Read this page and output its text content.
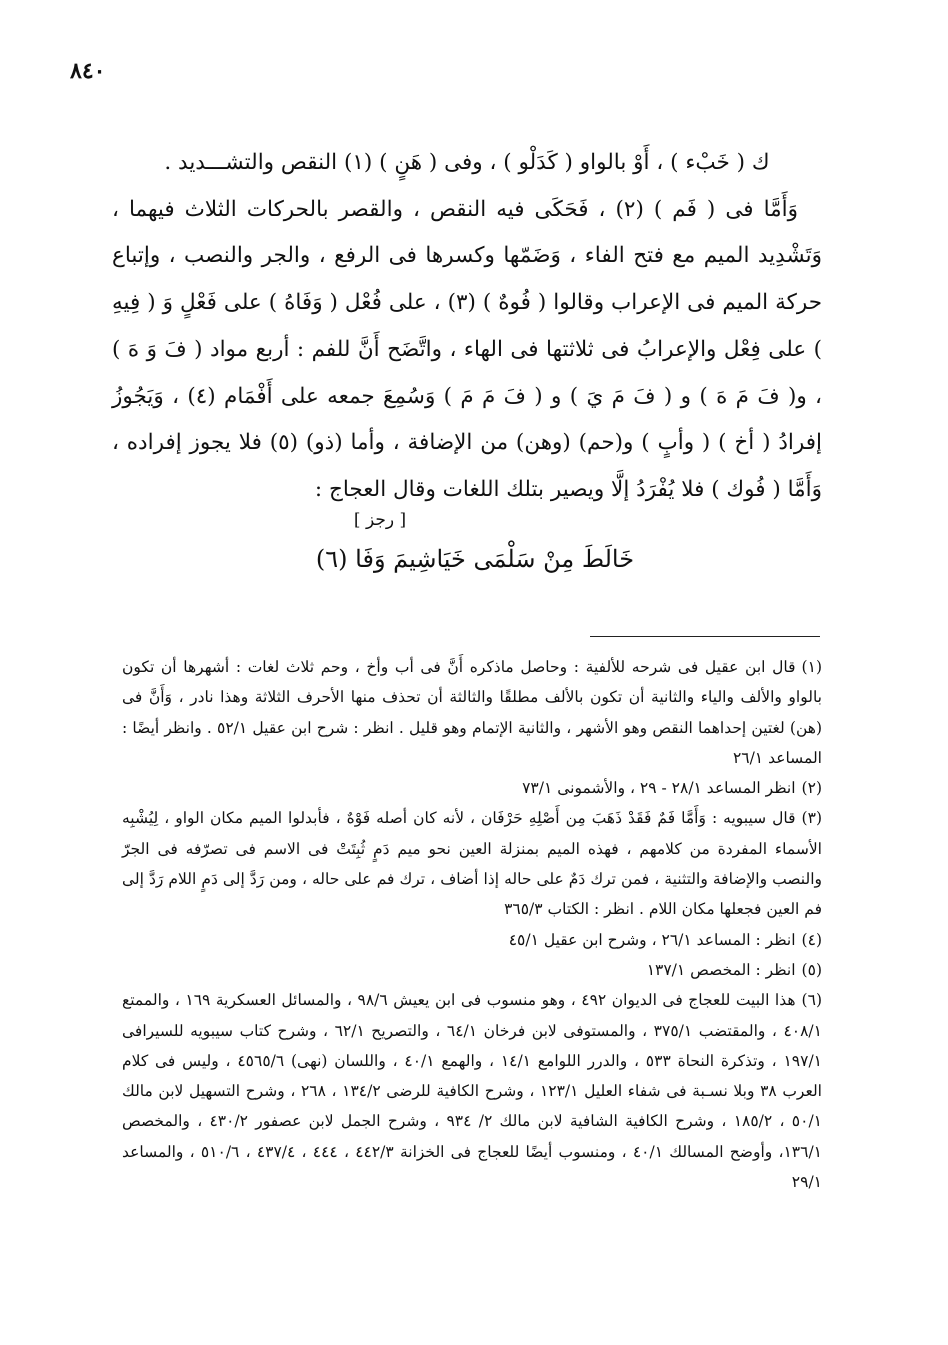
٨٤٠

ك ( خَبْء ) ، أَوْ بالواو ( كَدَلْو ) ، وفى ( هَنٍ ) (١) النقص والتشـــديد .

وَأَمَّا فى ( فَم ) (٢) ، فَحَكَى فيه النقص ، والقصر بالحركات الثلاث فيهما ، وَتَشْدِيد الميم مع فتح الفاء ، وَضَمّها وكسرها فى الرفع ، والجر والنصب ، وإتباع حركة الميم فى الإعراب وقالوا ( فُوهٌ ) (٣) ، على فُعْل ( وَفَاهُ ) على فَعْلٍ وَ ( فِيهِ ) على فِعْل والإعرابُ فى ثلاثتها فى الهاء ، واتَّضَح أَنَّ للفم : أربع مواد ( فَ وَ هَ ) ، و( فَ مَ هَ ) و ( فَ مَ يَ ) و ( فَ مَ مَ ) وَسُمِعَ جمعه على أَفْمَام (٤) ، وَيَجُوزُ إفرادُ ( أخ ) ( وأبٍ ) و(حم) (وهن) من الإضافة ، وأما (ذو) (٥) فلا يجوز إفراده ، وَأَمَّا ( فُوك ) فلا يُفْرَدُ إلَّا ويصير بتلك اللغات وقال العجاج :

[ رجز ]
خَالَطَ مِنْ سَلْمَى خَيَاشِيمَ وَفَا (٦)

(١)قال ابن عقيل فى شرحه للألفية : وحاصل ماذكره أَنَّ فى أب وأخ ، وحم ثلاث لغات : أشهرها أن تكون بالواو والألف والياء والثانية أن تكون بالألف مطلقًا والثالثة أن تحذف منها الأحرف الثلاثة وهذا نادر ، وَأَنَّ فى (هن) لغتين إحداهما النقص وهو الأشهر ، والثانية الإتمام وهو قليل . انظر : شرح ابن عقيل ٥٢/١ . وانظر أيضًا : المساعد ٢٦/١

(٢)انظر المساعد ٢٨/١ - ٢٩ ، والأشمونى ٧٣/١

(٣)قال سيبويه : وَأَمَّا فَمٌ فَقَدْ ذَهَبَ مِن أَصْلِهِ حَرْفَان ، لأنه كان أصله فَوْهٌ ، فأبدلوا الميم مكان الواو ، لِيُشْبِه الأسماء المفردة من كلامهم ، فهذه الميم بمنزلة العين نحو ميم دَمٍ ثُبِتَتْ فى الاسم فى تصرّفه فى الجرّ والنصب والإضافة والتثنية ، فمن ترك دَمٌ على حاله إذا أضاف ، ترك فم على حاله ، ومن رَدَّ إلى دَمٍ اللام رَدَّ إلى فم العين فجعلها مكان اللام . انظر : الكتاب ٣٦٥/٣

(٤)انظر : المساعد ٢٦/١ ، وشرح ابن عقيل ٤٥/١

(٥)انظر : المخصص ١٣٧/١

(٦)هذا البيت للعجاج فى الديوان ٤٩٢ ، وهو منسوب فى ابن يعيش ٩٨/٦ ، والمسائل العسكرية ١٦٩ ، والممتع ٤٠٨/١ ، والمقتضب ٣٧٥/١ ، والمستوفى لابن فرخان ٦٤/١ ، والتصريح ٦٢/١ ، وشرح كتاب سيبويه للسيرافى ١٩٧/١ ، وتذكرة النحاة ٥٣٣ ، والدرر اللوامع ١٤/١ ، والهمع ٤٠/١ ، واللسان (نهى) ٤٥٦٥/٦ ، وليس فى كلام العرب ٣٨ وبلا نسـبة فى شفاء العليل ١٢٣/١ ، وشرح الكافية للرضى ١٣٤/٢ ، ٢٦٨ ، وشرح التسهيل لابن مالك ٥٠/١ ، ١٨٥/٢ ، وشرح الكافية الشافية لابن مالك ٢/ ٩٣٤ ، وشرح الجمل لابن عصفور ٤٣٠/٢ ، والمخصص ١٣٦/١، وأوضح المسالك ٤٠/١ ، ومنسوب أيضًا للعجاج فى الخزانة ٤٤٢/٣ ، ٤٤٤ ، ٤٣٧/٤ ، ٥١٠/٦ ، والمساعد ٢٩/١
